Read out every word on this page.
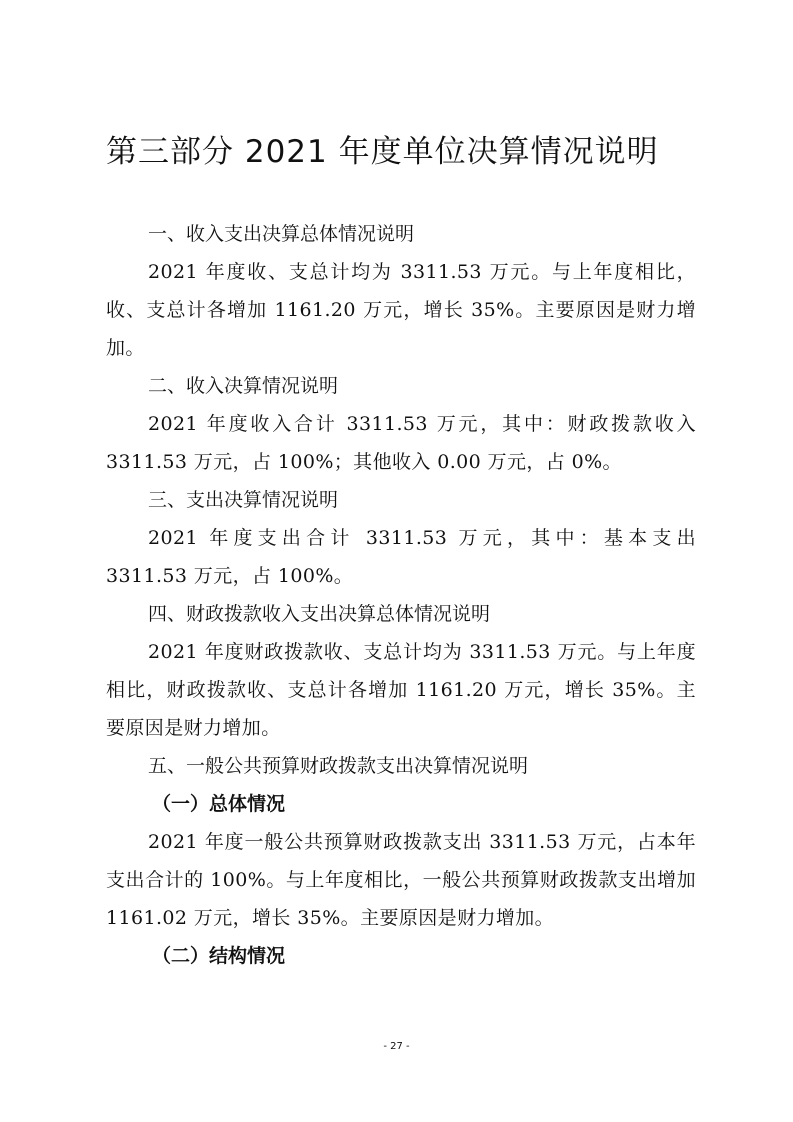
第三部分 2021 年度单位决算情况说明

一、收入支出决算总体情况说明

2021 年度收、支总计均为 3311.53 万元。与上年度相比，收、支总计各增加 1161.20 万元，增长 35%。主要原因是财力增加。

二、收入决算情况说明

2021 年度收入合计 3311.53 万元，其中：财政拨款收入 3311.53 万元，占 100%；其他收入 0.00 万元，占 0%。

三、支出决算情况说明

2021 年度支出合计 3311.53 万元，其中：基本支出 3311.53 万元，占 100%。

四、财政拨款收入支出决算总体情况说明

2021 年度财政拨款收、支总计均为 3311.53 万元。与上年度相比，财政拨款收、支总计各增加 1161.20 万元，增长 35%。主要原因是财力增加。

五、一般公共预算财政拨款支出决算情况说明

（一）总体情况

2021 年度一般公共预算财政拨款支出 3311.53 万元，占本年支出合计的 100%。与上年度相比，一般公共预算财政拨款支出增加 1161.02 万元，增长 35%。主要原因是财力增加。

（二）结构情况

- 27 -
